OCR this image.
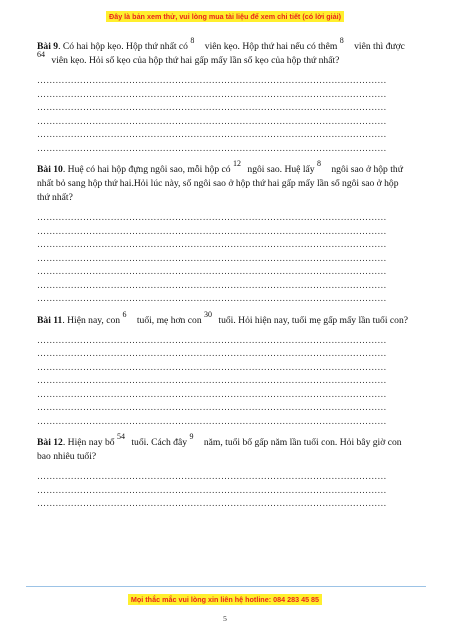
Đây là bản xem thử, vui lòng mua tài liệu để xem chi tiết (có lời giải)
Bài 9. Có hai hộp kẹo. Hộp thứ nhất có
8
viên kẹo. Hộp thứ hai nếu có thêm
8
viên thì được
64
viên kẹo. Hỏi số kẹo của hộp thứ hai gấp mấy lần số kẹo của hộp thứ nhất?
……………………………………………………………………………………………………
……………………………………………………………………………………………………
……………………………………………………………………………………………………
……………………………………………………………………………………………………
……………………………………………………………………………………………………
……………………………………………………………………………………………………
Bài 10. Huệ có hai hộp đựng ngôi sao, mỗi hộp có
12
ngôi sao. Huệ lấy
8
ngôi sao ở hộp thứ nhất bỏ sang hộp thứ hai.Hỏi lúc này, số ngôi sao ở hộp thứ hai gấp mấy lần số ngôi sao ở hộp thứ nhất?
……………………………………………………………………………………………………
……………………………………………………………………………………………………
……………………………………………………………………………………………………
……………………………………………………………………………………………………
……………………………………………………………………………………………………
……………………………………………………………………………………………………
……………………………………………………………………………………………………
Bài 11. Hiện nay, con
6
tuổi, mẹ hơn con
30
tuổi. Hỏi hiện nay, tuổi mẹ gấp mấy lần tuổi con?
……………………………………………………………………………………………………
……………………………………………………………………………………………………
……………………………………………………………………………………………………
……………………………………………………………………………………………………
……………………………………………………………………………………………………
……………………………………………………………………………………………………
……………………………………………………………………………………………………
Bài 12. Hiện nay bố
54
tuổi. Cách đây
9
năm, tuổi bố gấp năm lần tuổi con. Hỏi bây giờ con bao nhiêu tuổi?
……………………………………………………………………………………………………
……………………………………………………………………………………………………
……………………………………………………………………………………………………
Mọi thắc mắc vui lòng xin liên hệ hotline: 084 283 45 85
5
